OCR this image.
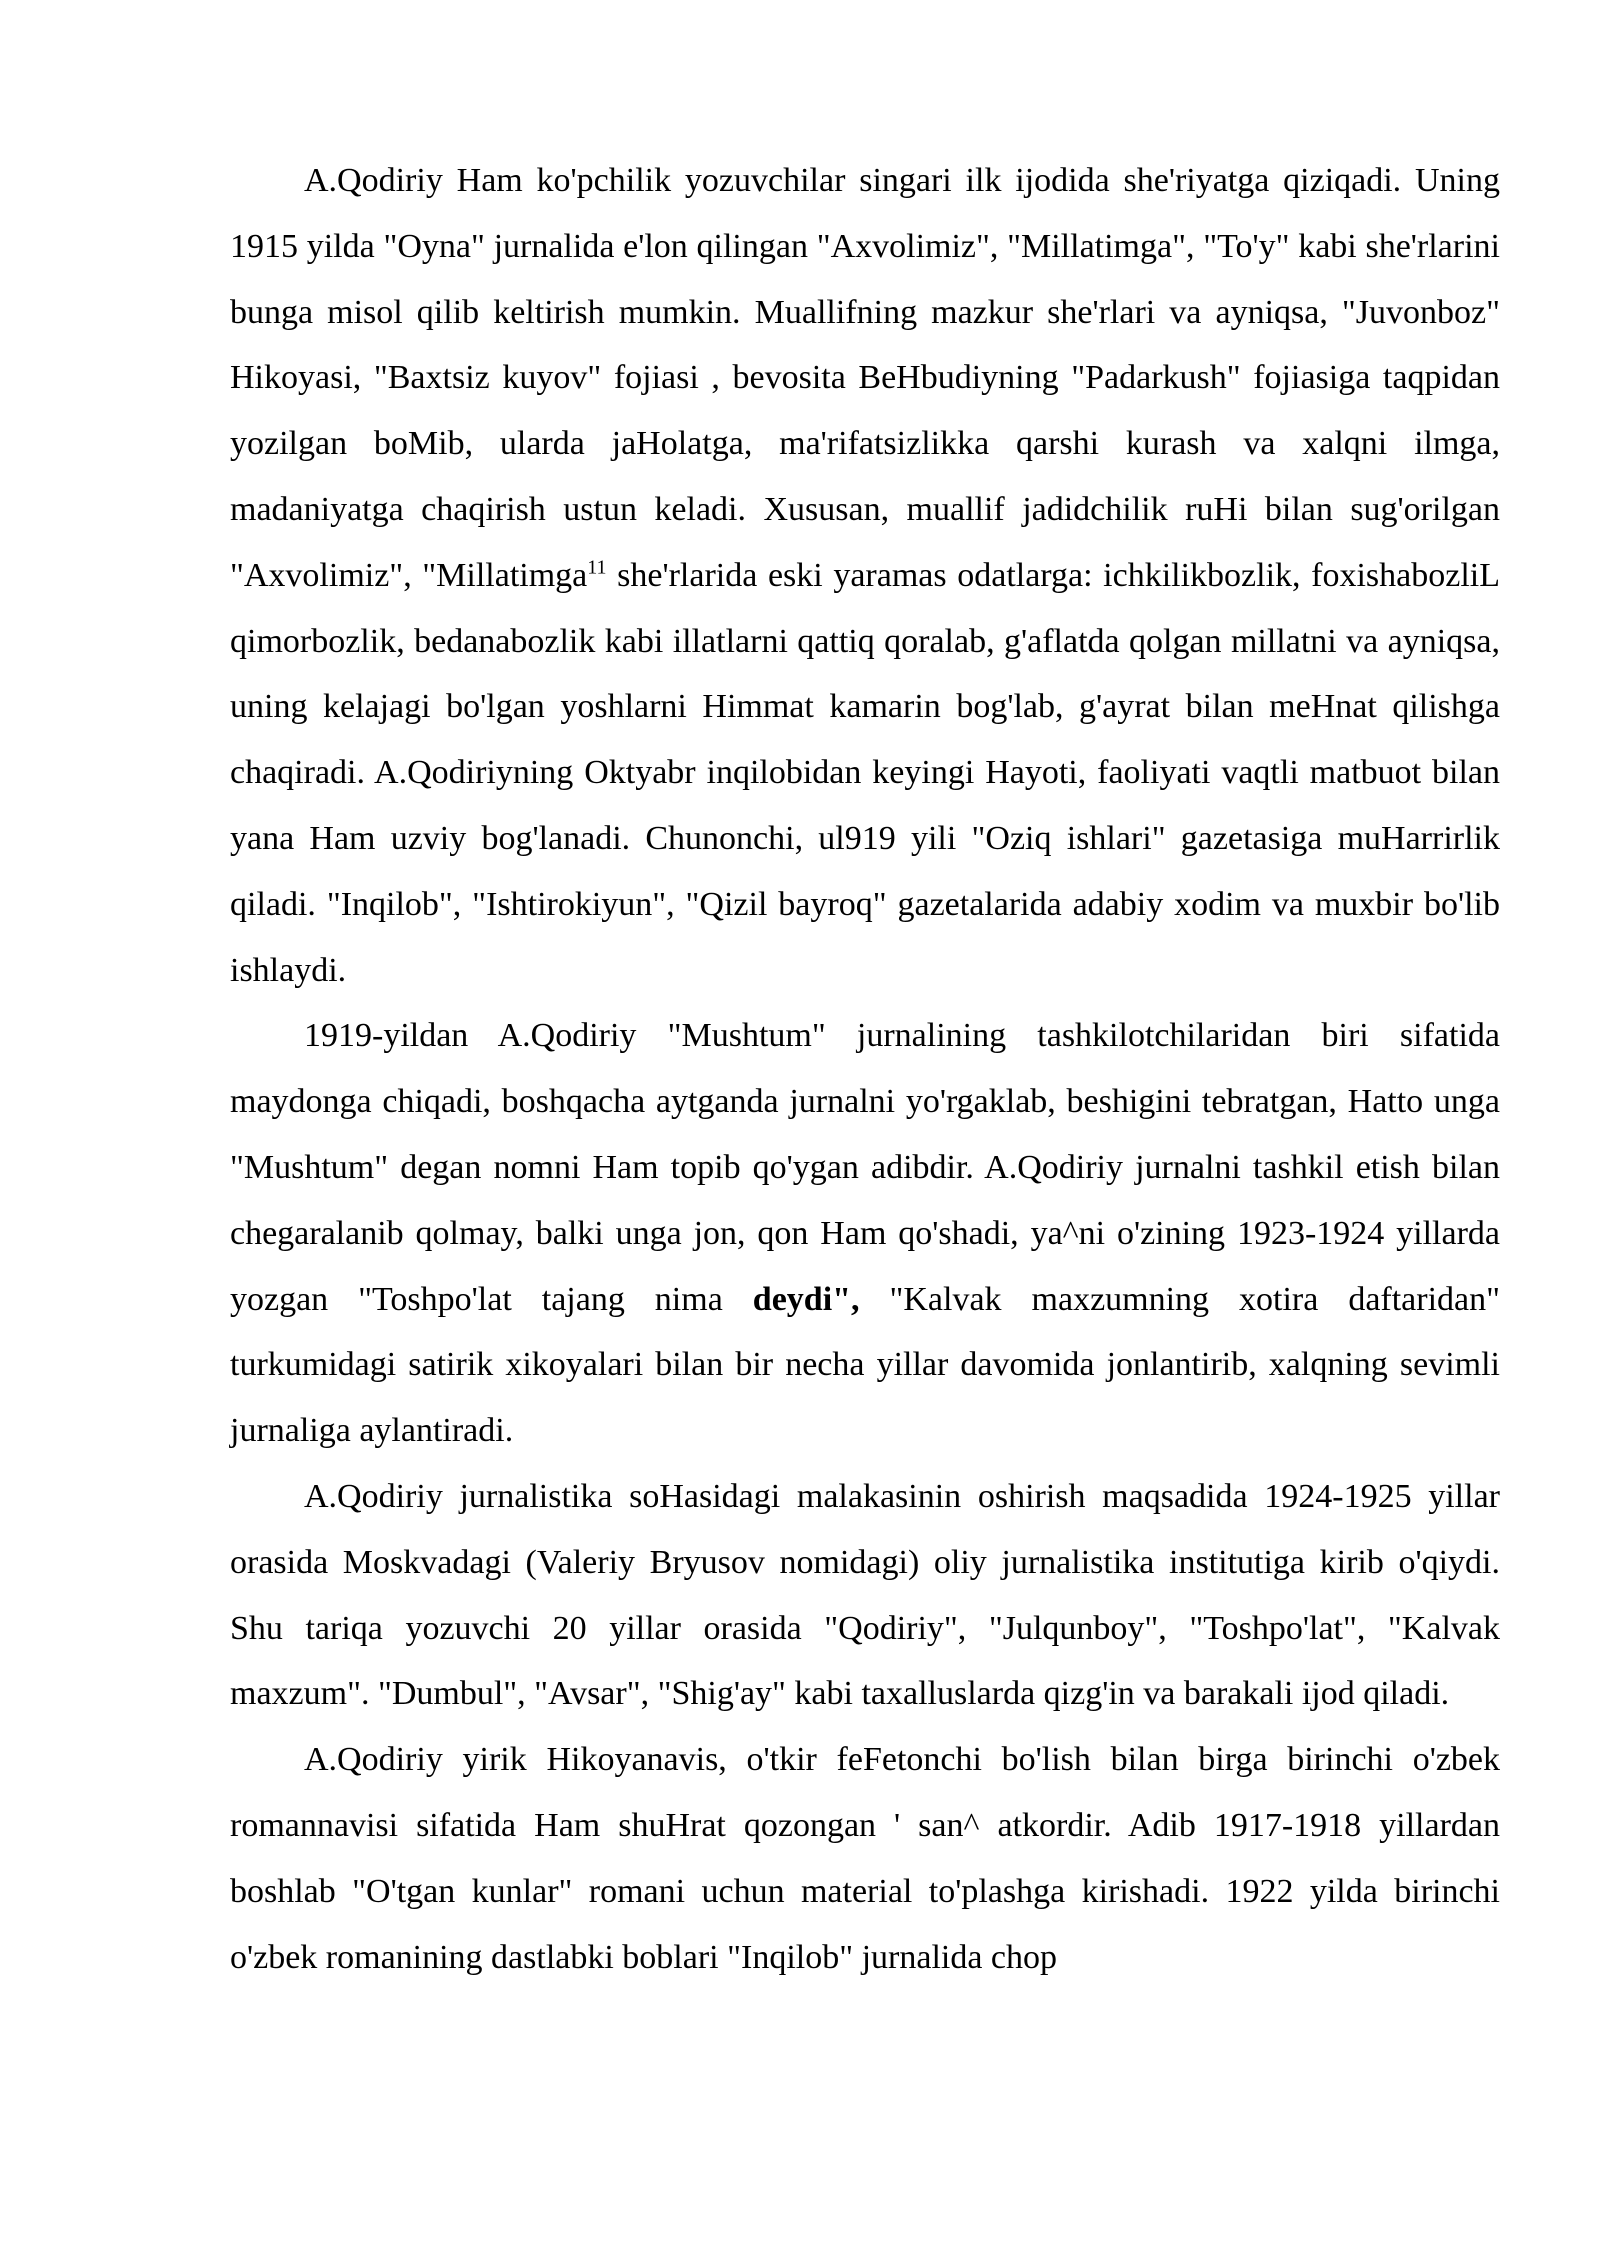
A.Qodiriy Ham ko'pchilik yozuvchilar singari ilk ijodida she'riyatga qiziqadi. Uning 1915 yilda "Oyna" jurnalida e'lon qilingan "Axvolimiz", "Millatimga", "To'y" kabi she'rlarini bunga misol qilib keltirish mumkin. Muallifning mazkur she'rlari va ayniqsa, "Juvonboz" Hikoyasi, "Baxtsiz kuyov" fojiasi , bevosita BeHbudiyning "Padarkush" fojiasiga taqpidan yozilgan boMib, ularda jaHolatga, ma'rifatsizlikka qarshi kurash va xalqni ilmga, madaniyatga chaqirish ustun keladi. Xususan, muallif jadidchilik ruHi bilan sug'orilgan "Axvolimiz", "Millatimga$^{11}$ she'rlarida eski yaramas odatlarga: ichkilikbozlik, foxishabozliL qimorbozlik, bedanabozlik kabi illatlarni qattiq qoralab, g'aflatda qolgan millatni va ayniqsa, uning kelajagi bo'lgan yoshlarni Himmat kamarin bog'lab, g'ayrat bilan meHnat qilishga chaqiradi. A.Qodiriyning Oktyabr inqilobidan keyingi Hayoti, faoliyati vaqtli matbuot bilan yana Ham uzviy bog'lanadi. Chunonchi, ul919 yili "Oziq ishlari" gazetasiga muHarrirlik qiladi. "Inqilob", "Ishtirokiyun", "Qizil bayroq" gazetalarida adabiy xodim va muxbir bo'lib ishlaydi.

1919-yildan A.Qodiriy "Mushtum" jurnalining tashkilotchilaridan biri sifatida maydonga chiqadi, boshqacha aytganda jurnalni yo'rgaklab, beshigini tebratgan, Hatto unga "Mushtum" degan nomni Ham topib qo'ygan adibdir. A.Qodiriy jurnalni tashkil etish bilan chegaralanib qolmay, balki unga jon, qon Ham qo'shadi, ya^ni o'zining 1923-1924 yillarda yozgan "Toshpo'lat tajang nima deydi", "Kalvak maxzumning xotira daftaridan" turkumidagi satirik xikoyalari bilan bir necha yillar davomida jonlantirib, xalqning sevimli jurnaliga aylantiradi.

A.Qodiriy jurnalistika soHasidagi malakasinin oshirish maqsadida 1924-1925 yillar orasida Moskvadagi (Valeriy Bryusov nomidagi) oliy jurnalistika institutiga kirib o'qiydi. Shu tariqa yozuvchi 20 yillar orasida "Qodiriy", "Julqunboy", "Toshpo'lat", "Kalvak maxzum". "Dumbul", "Avsar", "Shig'ay" kabi taxalluslarda qizg'in va barakali ijod qiladi.

A.Qodiriy yirik Hikoyanavis, o'tkir feFetonchi bo'lish bilan birga birinchi o'zbek romannavisi sifatida Ham shuHrat qozongan ' san^ atkordir. Adib 1917-1918 yillardan boshlab "O'tgan kunlar" romani uchun material to'plashga kirishadi. 1922 yilda birinchi o'zbek romanining dastlabki boblari "Inqilob" jurnalida chop
